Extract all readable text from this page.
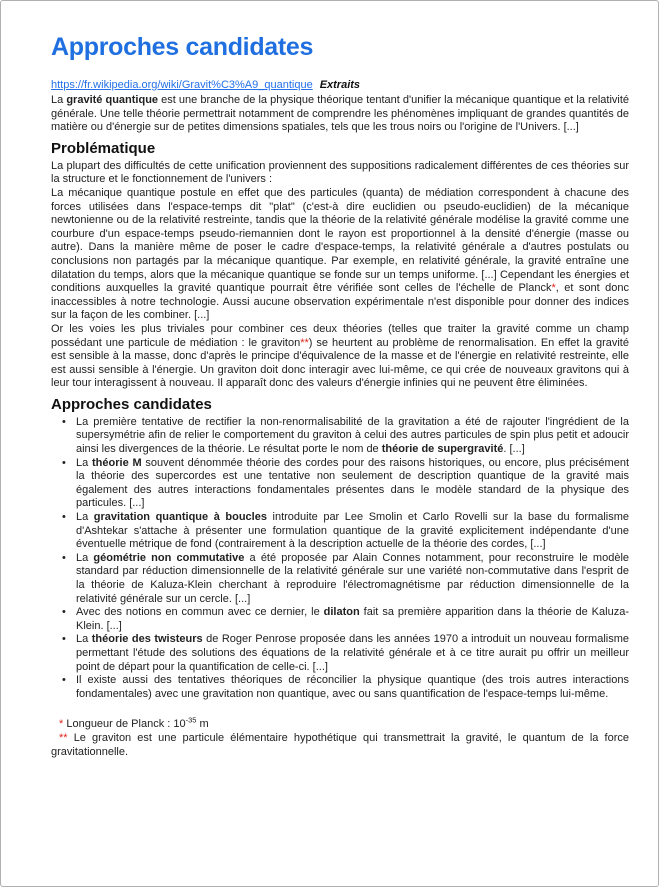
Approches candidates

https://fr.wikipedia.org/wiki/Gravit%C3%A9_quantique Extraits

La gravité quantique est une branche de la physique théorique tentant d'unifier la mécanique quantique et la relativité générale. Une telle théorie permettrait notamment de comprendre les phénomènes impliquant de grandes quantités de matière ou d'énergie sur de petites dimensions spatiales, tels que les trous noirs ou l'origine de l'Univers. [...]

Problématique

La plupart des difficultés de cette unification proviennent des suppositions radicalement différentes de ces théories sur la structure et le fonctionnement de l'univers :

La mécanique quantique postule en effet que des particules (quanta) de médiation correspondent à chacune des forces utilisées dans l'espace-temps dit "plat" (c'est-à dire euclidien ou pseudo-euclidien) de la mécanique newtonienne ou de la relativité restreinte, tandis que la théorie de la relativité générale modélise la gravité comme une courbure d'un espace-temps pseudo-riemannien dont le rayon est proportionnel à la densité d'énergie (masse ou autre). Dans la manière même de poser le cadre d'espace-temps, la relativité générale a d'autres postulats ou conclusions non partagés par la mécanique quantique. Par exemple, en relativité générale, la gravité entraîne une dilatation du temps, alors que la mécanique quantique se fonde sur un temps uniforme. [...] Cependant les énergies et conditions auxquelles la gravité quantique pourrait être vérifiée sont celles de l'échelle de Planck*, et sont donc inaccessibles à notre technologie. Aussi aucune observation expérimentale n'est disponible pour donner des indices sur la façon de les combiner. [...]

Or les voies les plus triviales pour combiner ces deux théories (telles que traiter la gravité comme un champ possédant une particule de médiation : le graviton**) se heurtent au problème de renormalisation. En effet la gravité est sensible à la masse, donc d'après le principe d'équivalence de la masse et de l'énergie en relativité restreinte, elle est aussi sensible à l'énergie. Un graviton doit donc interagir avec lui-même, ce qui crée de nouveaux gravitons qui à leur tour interagissent à nouveau. Il apparaît donc des valeurs d'énergie infinies qui ne peuvent être éliminées.

Approches candidates
• La première tentative de rectifier la non-renormalisabilité de la gravitation a été de rajouter l'ingrédient de la supersymétrie afin de relier le comportement du graviton à celui des autres particules de spin plus petit et adoucir ainsi les divergences de la théorie. Le résultat porte le nom de théorie de supergravité. [...]
• La théorie M souvent dénommée théorie des cordes pour des raisons historiques, ou encore, plus précisément la théorie des supercordes est une tentative non seulement de description quantique de la gravité mais également des autres interactions fondamentales présentes dans le modèle standard de la physique des particules. [...]
• La gravitation quantique à boucles introduite par Lee Smolin et Carlo Rovelli sur la base du formalisme d'Ashtekar s'attache à présenter une formulation quantique de la gravité explicitement indépendante d'une éventuelle métrique de fond (contrairement à la description actuelle de la théorie des cordes, [...]
• La géométrie non commutative a été proposée par Alain Connes notamment, pour reconstruire le modèle standard par réduction dimensionnelle de la relativité générale sur une variété non-commutative dans l'esprit de la théorie de Kaluza-Klein cherchant à reproduire l'électromagnétisme par réduction dimensionnelle de la relativité générale sur un cercle. [...]
• Avec des notions en commun avec ce dernier, le dilaton fait sa première apparition dans la théorie de Kaluza-Klein. [...]
• La théorie des twisteurs de Roger Penrose proposée dans les années 1970 a introduit un nouveau formalisme permettant l'étude des solutions des équations de la relativité générale et à ce titre aurait pu offrir un meilleur point de départ pour la quantification de celle-ci. [...]
• Il existe aussi des tentatives théoriques de réconcilier la physique quantique (des trois autres interactions fondamentales) avec une gravitation non quantique, avec ou sans quantification de l'espace-temps lui-même.

* Longueur de Planck : $10^{-35}$ m

** Le graviton est une particule élémentaire hypothétique qui transmettrait la gravité, le quantum de la force gravitationnelle.
